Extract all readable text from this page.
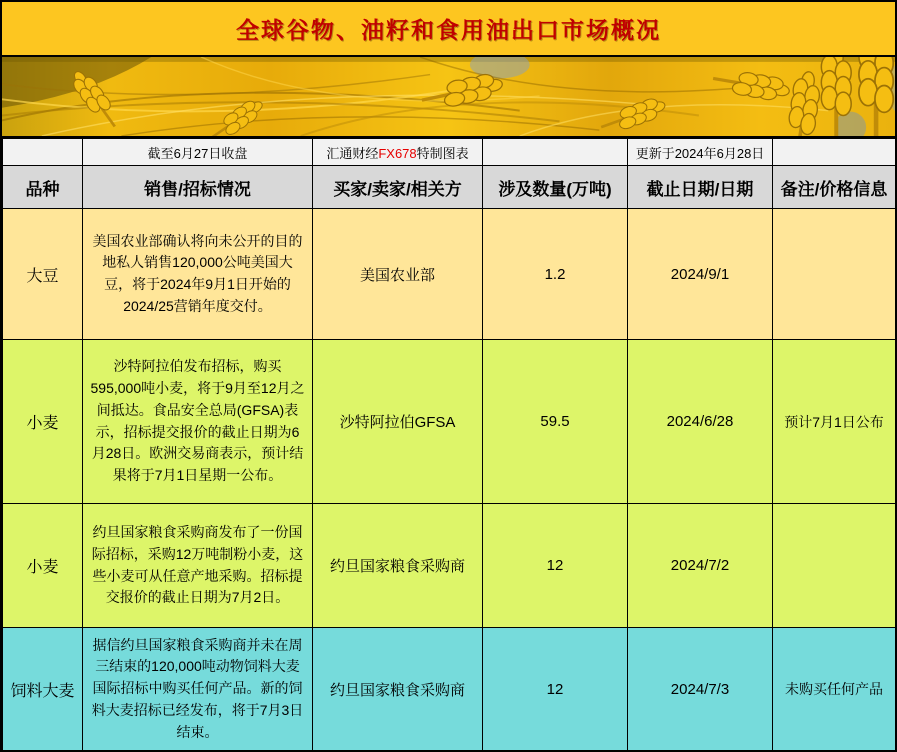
全球谷物、油籽和食用油出口市场概况
	截至6月27日收盘	汇通财经FX678特制图表		更新于2024年6月28日	
品种	销售/招标情况	买家/卖家/相关方	涉及数量(万吨)	截止日期/日期	备注/价格信息
大豆	美国农业部确认将向未公开的目的地私人销售120,000公吨美国大豆，将于2024年9月1日开始的2024/25营销年度交付。	美国农业部	1.2	2024/9/1	
小麦	沙特阿拉伯发布招标，购买595,000吨小麦，将于9月至12月之间抵达。食品安全总局(GFSA)表示，招标提交报价的截止日期为6月28日。欧洲交易商表示，预计结果将于7月1日星期一公布。	沙特阿拉伯GFSA	59.5	2024/6/28	预计7月1日公布
小麦	约旦国家粮食采购商发布了一份国际招标，采购12万吨制粉小麦，这些小麦可从任意产地采购。招标提交报价的截止日期为7月2日。	约旦国家粮食采购商	12	2024/7/2	
饲料大麦	据信约旦国家粮食采购商并未在周三结束的120,000吨动物饲料大麦国际招标中购买任何产品。新的饲料大麦招标已经发布，将于7月3日结束。	约旦国家粮食采购商	12	2024/7/3	未购买任何产品
